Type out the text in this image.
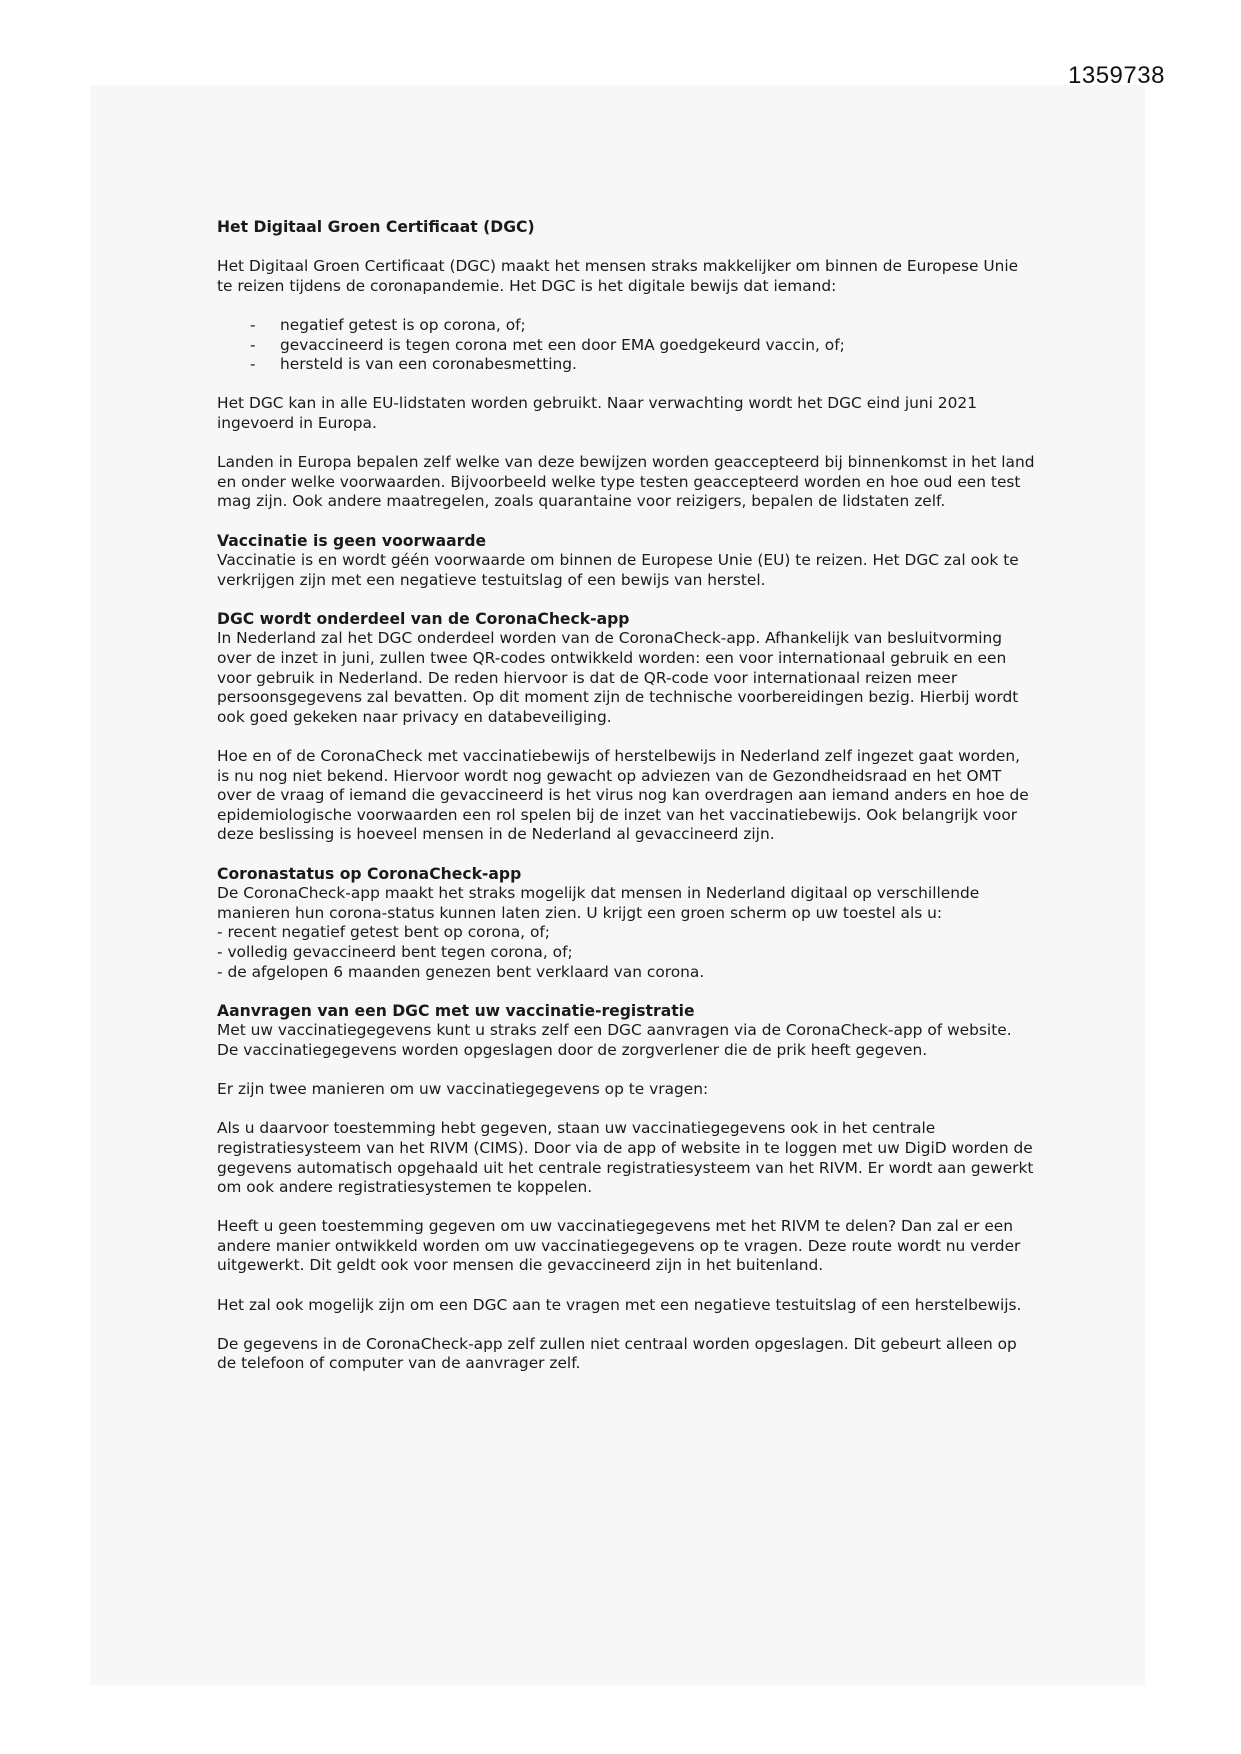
1359738
Het Digitaal Groen Certificaat (DGC)

Het Digitaal Groen Certificaat (DGC) maakt het mensen straks makkelijker om binnen de Europese Unie te reizen tijdens de coronapandemie. Het DGC is het digitale bewijs dat iemand:

- negatief getest is op corona, of;
- gevaccineerd is tegen corona met een door EMA goedgekeurd vaccin, of;
- hersteld is van een coronabesmetting.

Het DGC kan in alle EU-lidstaten worden gebruikt. Naar verwachting wordt het DGC eind juni 2021 ingevoerd in Europa.

Landen in Europa bepalen zelf welke van deze bewijzen worden geaccepteerd bij binnenkomst in het land en onder welke voorwaarden. Bijvoorbeeld welke type testen geaccepteerd worden en hoe oud een test mag zijn. Ook andere maatregelen, zoals quarantaine voor reizigers, bepalen de lidstaten zelf.

Vaccinatie is geen voorwaarde

Vaccinatie is en wordt géén voorwaarde om binnen de Europese Unie (EU) te reizen. Het DGC zal ook te verkrijgen zijn met een negatieve testuitslag of een bewijs van herstel.

DGC wordt onderdeel van de CoronaCheck-app

In Nederland zal het DGC onderdeel worden van de CoronaCheck-app. Afhankelijk van besluitvorming over de inzet in juni, zullen twee QR-codes ontwikkeld worden: een voor internationaal gebruik en een voor gebruik in Nederland. De reden hiervoor is dat de QR-code voor internationaal reizen meer persoonsgegevens zal bevatten. Op dit moment zijn de technische voorbereidingen bezig. Hierbij wordt ook goed gekeken naar privacy en databeveiliging.

Hoe en of de CoronaCheck met vaccinatiebewijs of herstelbewijs in Nederland zelf ingezet gaat worden, is nu nog niet bekend. Hiervoor wordt nog gewacht op adviezen van de Gezondheidsraad en het OMT over de vraag of iemand die gevaccineerd is het virus nog kan overdragen aan iemand anders en hoe de epidemiologische voorwaarden een rol spelen bij de inzet van het vaccinatiebewijs. Ook belangrijk voor deze beslissing is hoeveel mensen in de Nederland al gevaccineerd zijn.

Coronastatus op CoronaCheck-app

De CoronaCheck-app maakt het straks mogelijk dat mensen in Nederland digitaal op verschillende manieren hun corona-status kunnen laten zien. U krijgt een groen scherm op uw toestel als u:

- recent negatief getest bent op corona, of;
- volledig gevaccineerd bent tegen corona, of;
- de afgelopen 6 maanden genezen bent verklaard van corona.
Aanvragen van een DGC met uw vaccinatie-registratie

Met uw vaccinatiegegevens kunt u straks zelf een DGC aanvragen via de CoronaCheck-app of website. De vaccinatiegegevens worden opgeslagen door de zorgverlener die de prik heeft gegeven.

Er zijn twee manieren om uw vaccinatiegegevens op te vragen:

Als u daarvoor toestemming hebt gegeven, staan uw vaccinatiegegevens ook in het centrale registratiesysteem van het RIVM (CIMS). Door via de app of website in te loggen met uw DigiD worden de gegevens automatisch opgehaald uit het centrale registratiesysteem van het RIVM. Er wordt aan gewerkt om ook andere registratiesystemen te koppelen.

Heeft u geen toestemming gegeven om uw vaccinatiegegevens met het RIVM te delen? Dan zal er een andere manier ontwikkeld worden om uw vaccinatiegegevens op te vragen. Deze route wordt nu verder uitgewerkt. Dit geldt ook voor mensen die gevaccineerd zijn in het buitenland.

Het zal ook mogelijk zijn om een DGC aan te vragen met een negatieve testuitslag of een herstelbewijs.

De gegevens in de CoronaCheck-app zelf zullen niet centraal worden opgeslagen. Dit gebeurt alleen op de telefoon of computer van de aanvrager zelf.
